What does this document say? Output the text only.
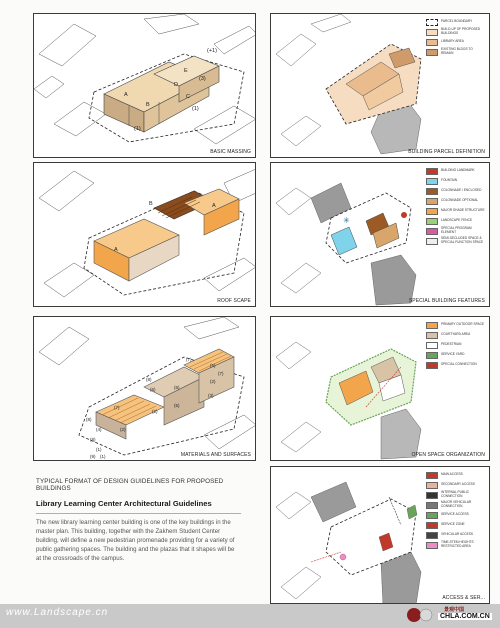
(+1)
E
(3)
A
D
B
C
(1)
(1)
BASIC MASSING
B	A
A
ROOF SCAPE
(7)
(8)
(6)
(5)
(7)
(6)
(2)
(5)
(3)
(2)
(7)
(8)
(4)	(2)
(8)
(1)
(9) (1)	MATERIALS AND SURFACES
PARCEL BOUNDARY
BUILD-UP OF PROPOSED BUILDINGS
LIBRARY AREA
EXISTING BLDGS TO REMAIN
BUILDING PARCEL DEFINITION
✳
BUILDING LANDMARK
FOUNTAIN
COLONNADE / ENCLOSED
COLONNADE OPTIONAL
MAJOR SHADE STRUCTURE
LANDSCAPE FENCE
SPECIAL PROGRAM ELEMENT
SEMI-SECLUDED SPACE & SPECIAL FUNCTION SPACE
SPECIAL BUILDING FEATURES
PRIMARY OUTDOOR SPACE
COURTYARD AREA
PEDESTRIAN
SERVICE YARD
SPECIAL CONNECTION
OPEN SPACE ORGANIZATION
MAIN ACCESS
SECONDARY ACCESS
INTERNAL PUBLIC CONNECTION
MAJOR VEHICULAR CONNECTION
SERVICE ACCESS
SERVICE ZONE
VEHICULAR ACCESS
TIME-STEM HEIGHTS RESTRICTED AREA
ACCESS & SER...
TYPICAL FORMAT OF DESIGN GUIDELINES FOR PROPOSED BUILDINGS
Library Learning Center Architectural Guidelines
The new library learning center building is one of the key buildings in the master plan. This building, together with the Zakhem Student Center building, will define a new pedestrian promenade providing for a variety of public gathering spaces. The building and the plazas that it shapes will be at the crossroads of the campus.
www.Landscape.cn	景观中国
CHLA.COM.CN
